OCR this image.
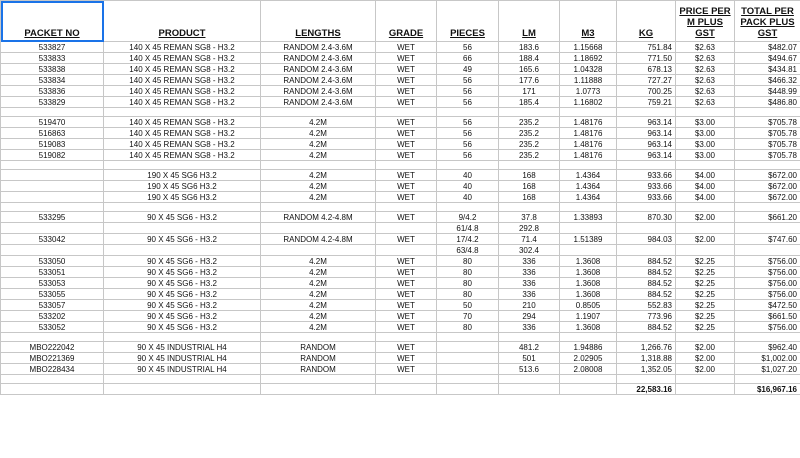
PACKET NO	PRODUCT	LENGTHS	GRADE	PIECES	LM	M3	KG	PRICE PER M PLUS GST	TOTAL PER PACK PLUS GST
533827	140 X 45 REMAN SG8 - H3.2	RANDOM 2.4-3.6M	WET	56	183.6	1.15668	751.84	$2.63	$482.07
533833	140 X 45 REMAN SG8 - H3.2	RANDOM 2.4-3.6M	WET	66	188.4	1.18692	771.50	$2.63	$494.67
533838	140 X 45 REMAN SG8 - H3.2	RANDOM 2.4-3.6M	WET	49	165.6	1.04328	678.13	$2.63	$434.81
533834	140 X 45 REMAN SG8 - H3.2	RANDOM 2.4-3.6M	WET	56	177.6	1.11888	727.27	$2.63	$466.32
533836	140 X 45 REMAN SG8 - H3.2	RANDOM 2.4-3.6M	WET	56	171	1.0773	700.25	$2.63	$448.99
533829	140 X 45 REMAN SG8 - H3.2	RANDOM 2.4-3.6M	WET	56	185.4	1.16802	759.21	$2.63	$486.80

519470	140 X 45 REMAN SG8 - H3.2	4.2M	WET	56	235.2	1.48176	963.14	$3.00	$705.78
516863	140 X 45 REMAN SG8 - H3.2	4.2M	WET	56	235.2	1.48176	963.14	$3.00	$705.78
519083	140 X 45 REMAN SG8 - H3.2	4.2M	WET	56	235.2	1.48176	963.14	$3.00	$705.78
519082	140 X 45 REMAN SG8 - H3.2	4.2M	WET	56	235.2	1.48176	963.14	$3.00	$705.78

	190 X 45 SG6 H3.2	4.2M	WET	40	168	1.4364	933.66	$4.00	$672.00
	190 X 45 SG6 H3.2	4.2M	WET	40	168	1.4364	933.66	$4.00	$672.00
	190 X 45 SG6 H3.2	4.2M	WET	40	168	1.4364	933.66	$4.00	$672.00

533295	90 X 45 SG6 - H3.2	RANDOM 4.2-4.8M	WET	9/4.2	37.8	1.33893	870.30	$2.00	$661.20
				61/4.8	292.8				
533042	90 X 45 SG6 - H3.2	RANDOM 4.2-4.8M	WET	17/4.2	71.4	1.51389	984.03	$2.00	$747.60
				63/4.8	302.4				
533050	90 X 45 SG6 - H3.2	4.2M	WET	80	336	1.3608	884.52	$2.25	$756.00
533051	90 X 45 SG6 - H3.2	4.2M	WET	80	336	1.3608	884.52	$2.25	$756.00
533053	90 X 45 SG6 - H3.2	4.2M	WET	80	336	1.3608	884.52	$2.25	$756.00
533055	90 X 45 SG6 - H3.2	4.2M	WET	80	336	1.3608	884.52	$2.25	$756.00
533057	90 X 45 SG6 - H3.2	4.2M	WET	50	210	0.8505	552.83	$2.25	$472.50
533202	90 X 45 SG6 - H3.2	4.2M	WET	70	294	1.1907	773.96	$2.25	$661.50
533052	90 X 45 SG6 - H3.2	4.2M	WET	80	336	1.3608	884.52	$2.25	$756.00

MBO222042	90 X 45 INDUSTRIAL H4	RANDOM	WET		481.2	1.94886	1,266.76	$2.00	$962.40
MBO221369	90 X 45 INDUSTRIAL H4	RANDOM	WET		501	2.02905	1,318.88	$2.00	$1,002.00
MBO228434	90 X 45 INDUSTRIAL H4	RANDOM	WET		513.6	2.08008	1,352.05	$2.00	$1,027.20

							22,583.16		$16,967.16
